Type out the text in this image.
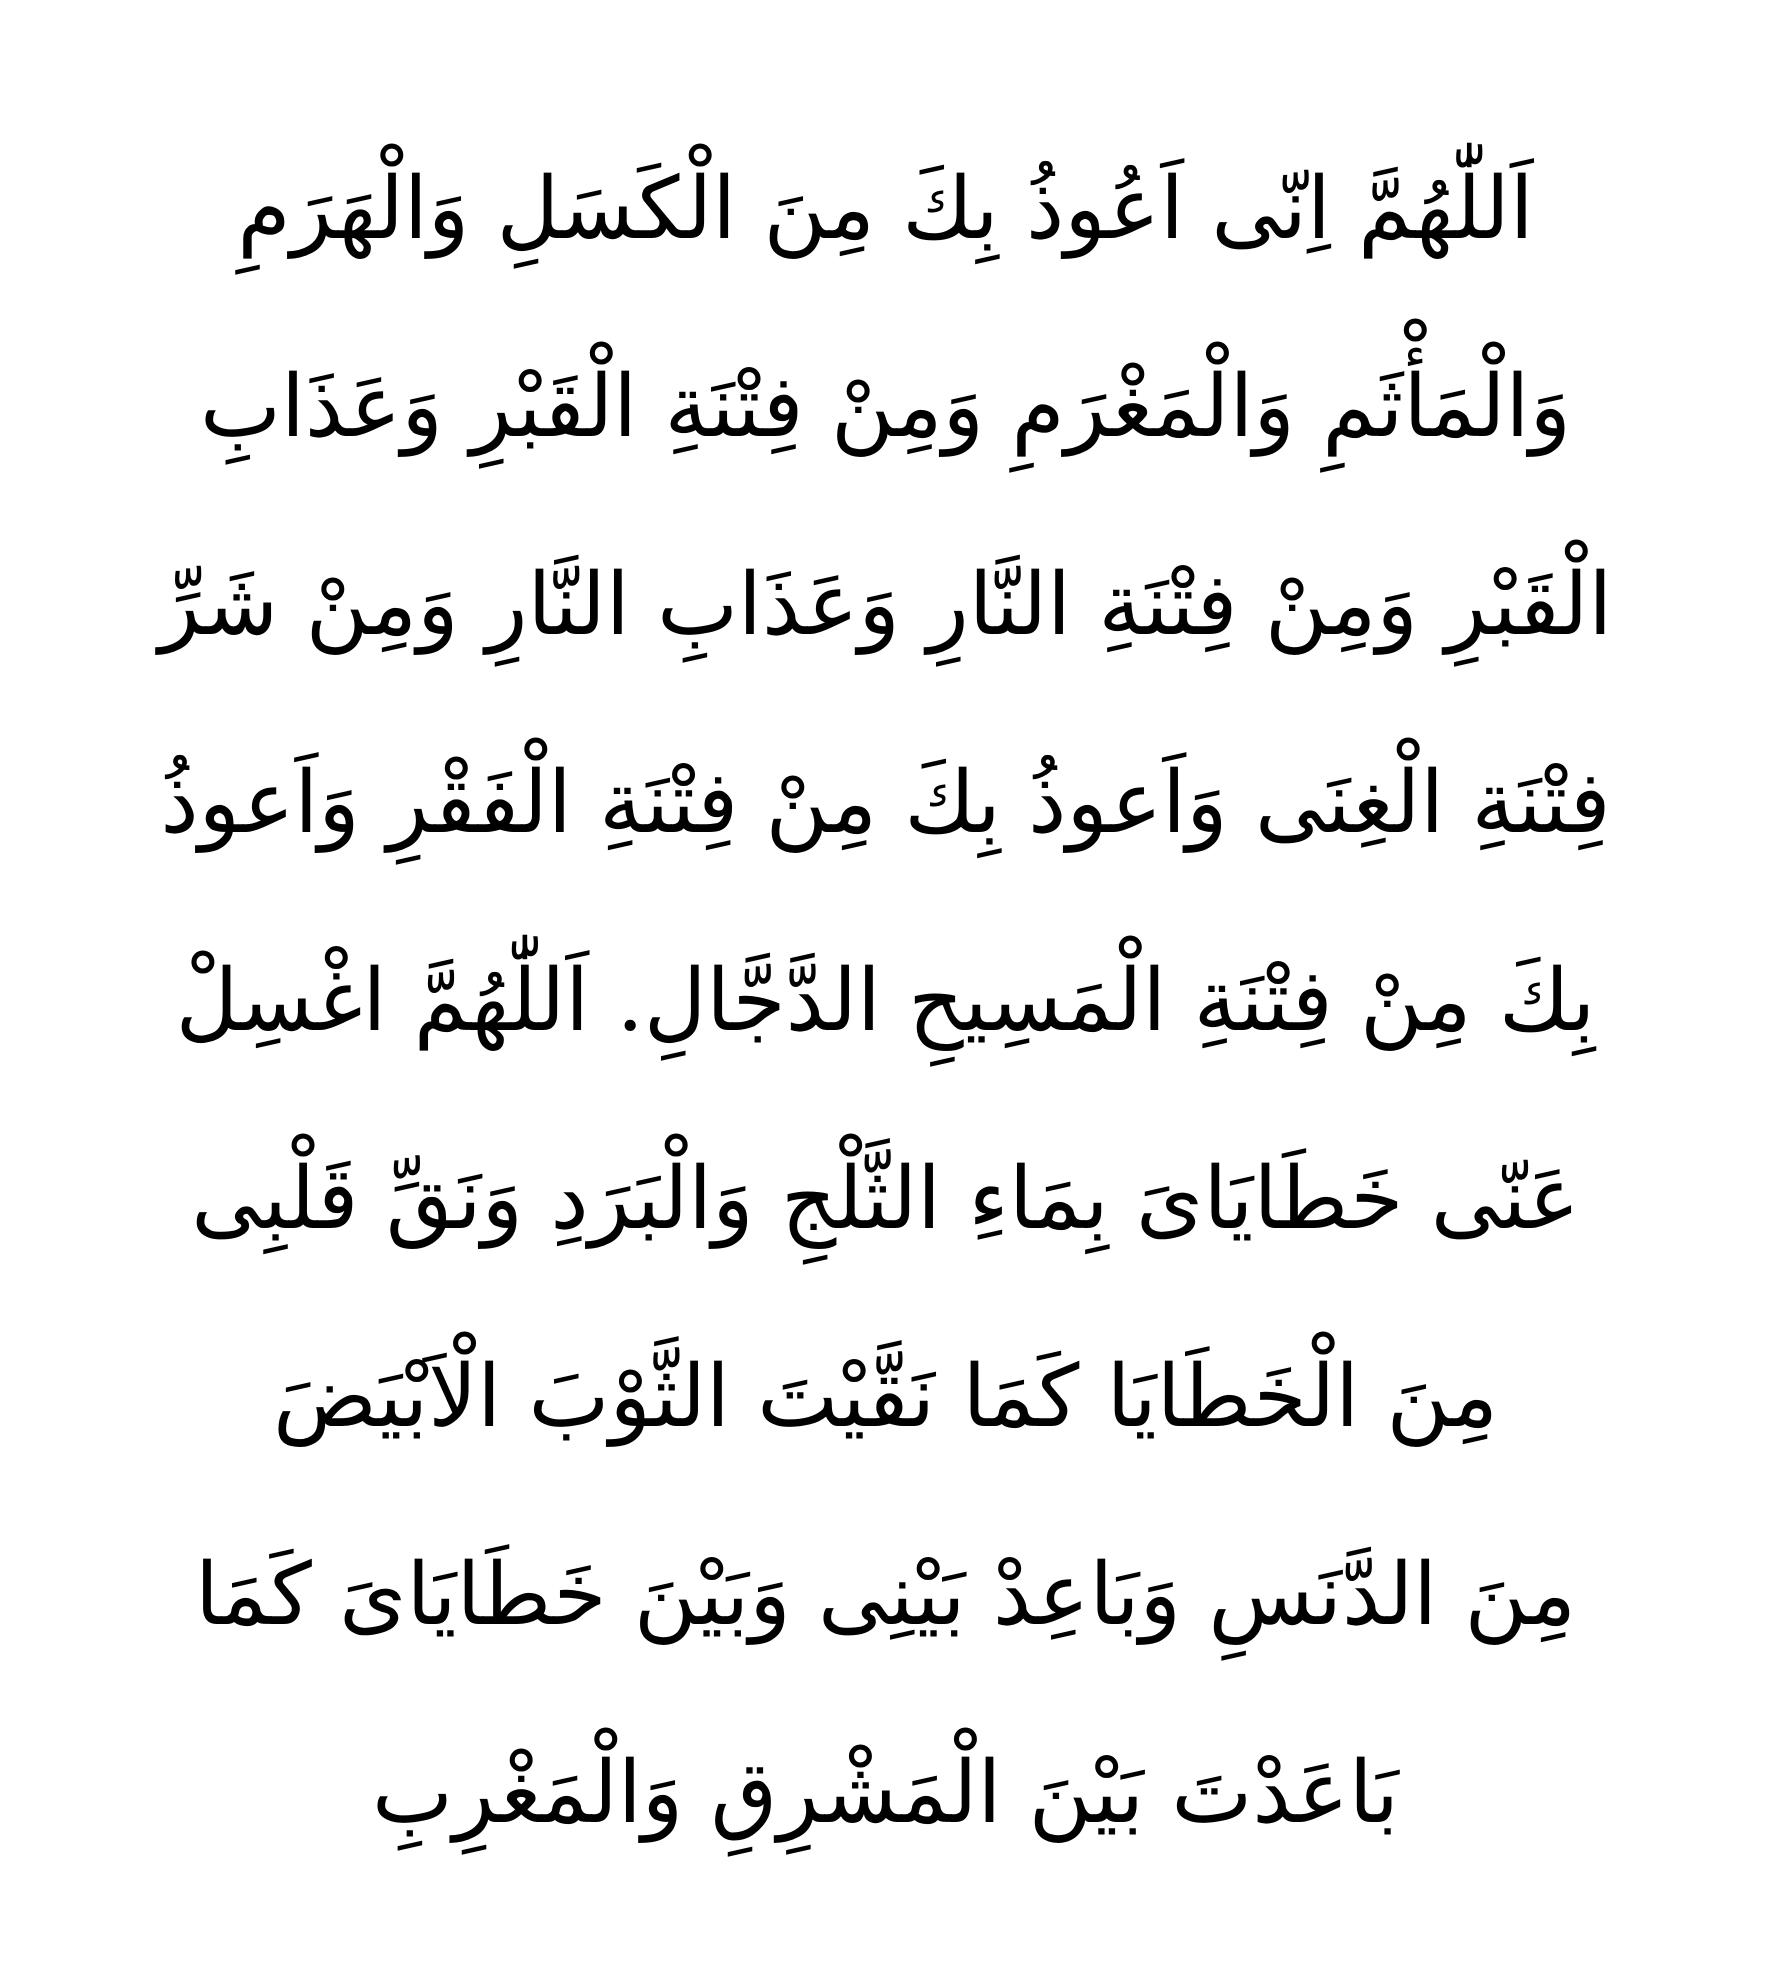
اَللّٰهُمَّ اِنّی اَعُوذُ بِكَ مِنَ الْكَسَلِ وَالْهَرَمِ
وَالْمَأْثَمِ وَالْمَغْرَمِ وَمِنْ فِتْنَةِ الْقَبْرِ وَعَذَابِ
الْقَبْرِ وَمِنْ فِتْنَةِ النَّارِ وَعَذَابِ النَّارِ وَمِنْ شَرِّ
فِتْنَةِ الْغِنَى وَاَعوذُ بِكَ مِنْ فِتْنَةِ الْفَقْرِ وَاَعوذُ
بِكَ مِنْ فِتْنَةِ الْمَسِيحِ الدَّجَّالِ. اَللّٰهُمَّ اغْسِلْ
عَنّی خَطَايَایَ بِمَاءِ الثَّلْجِ وَالْبَرَدِ وَنَقِّ قَلْبِی
مِنَ الْخَطَايَا كَمَا نَقَّيْتَ الثَّوْبَ الْاَبْيَضَ
مِنَ الدَّنَسِ وَبَاعِدْ بَيْنِی وَبَيْنَ خَطَايَایَ كَمَا
بَاعَدْتَ بَيْنَ الْمَشْرِقِ وَالْمَغْرِبِ
